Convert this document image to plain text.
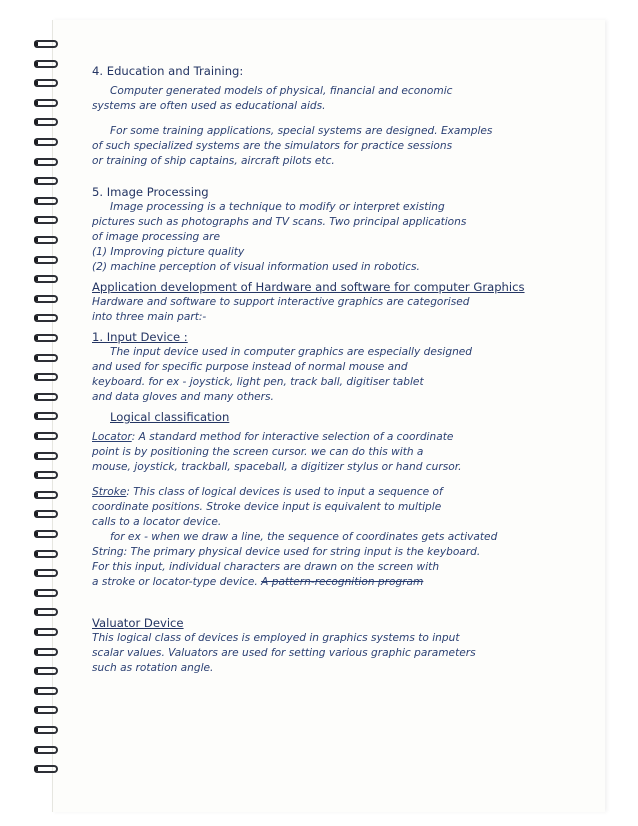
4. Education and Training:
Computer generated models of physical, financial and economic
systems are often used as educational aids.
For some training applications, special systems are designed. Examples
of such specialized systems are the simulators for practice sessions
or training of ship captains, aircraft pilots etc.
5. Image Processing
Image processing is a technique to modify or interpret existing
pictures such as photographs and TV scans. Two principal applications
of image processing are
(1) Improving picture quality
(2) machine perception of visual information used in robotics.
Application development of Hardware and software for computer Graphics
Hardware and software to support interactive graphics are categorised
into three main part:-
1. Input Device :
The input device used in computer graphics are especially designed
and used for specific purpose instead of normal mouse and
keyboard. for ex - joystick, light pen, track ball, digitiser tablet
and data gloves and many others.
Logical classification
Locator: A standard method for interactive selection of a coordinate
point is by positioning the screen cursor. we can do this with a
mouse, joystick, trackball, spaceball, a digitizer stylus or hand cursor.
Stroke: This class of logical devices is used to input a sequence of
coordinate positions. Stroke device input is equivalent to multiple
calls to a locator device.
for ex - when we draw a line, the sequence of coordinates gets activated
String: The primary physical device used for string input is the keyboard.
For this input, individual characters are drawn on the screen with
a stroke or locator-type device. A pattern-recognition program
Valuator Device
This logical class of devices is employed in graphics systems to input
scalar values. Valuators are used for setting various graphic parameters
such as rotation angle.
